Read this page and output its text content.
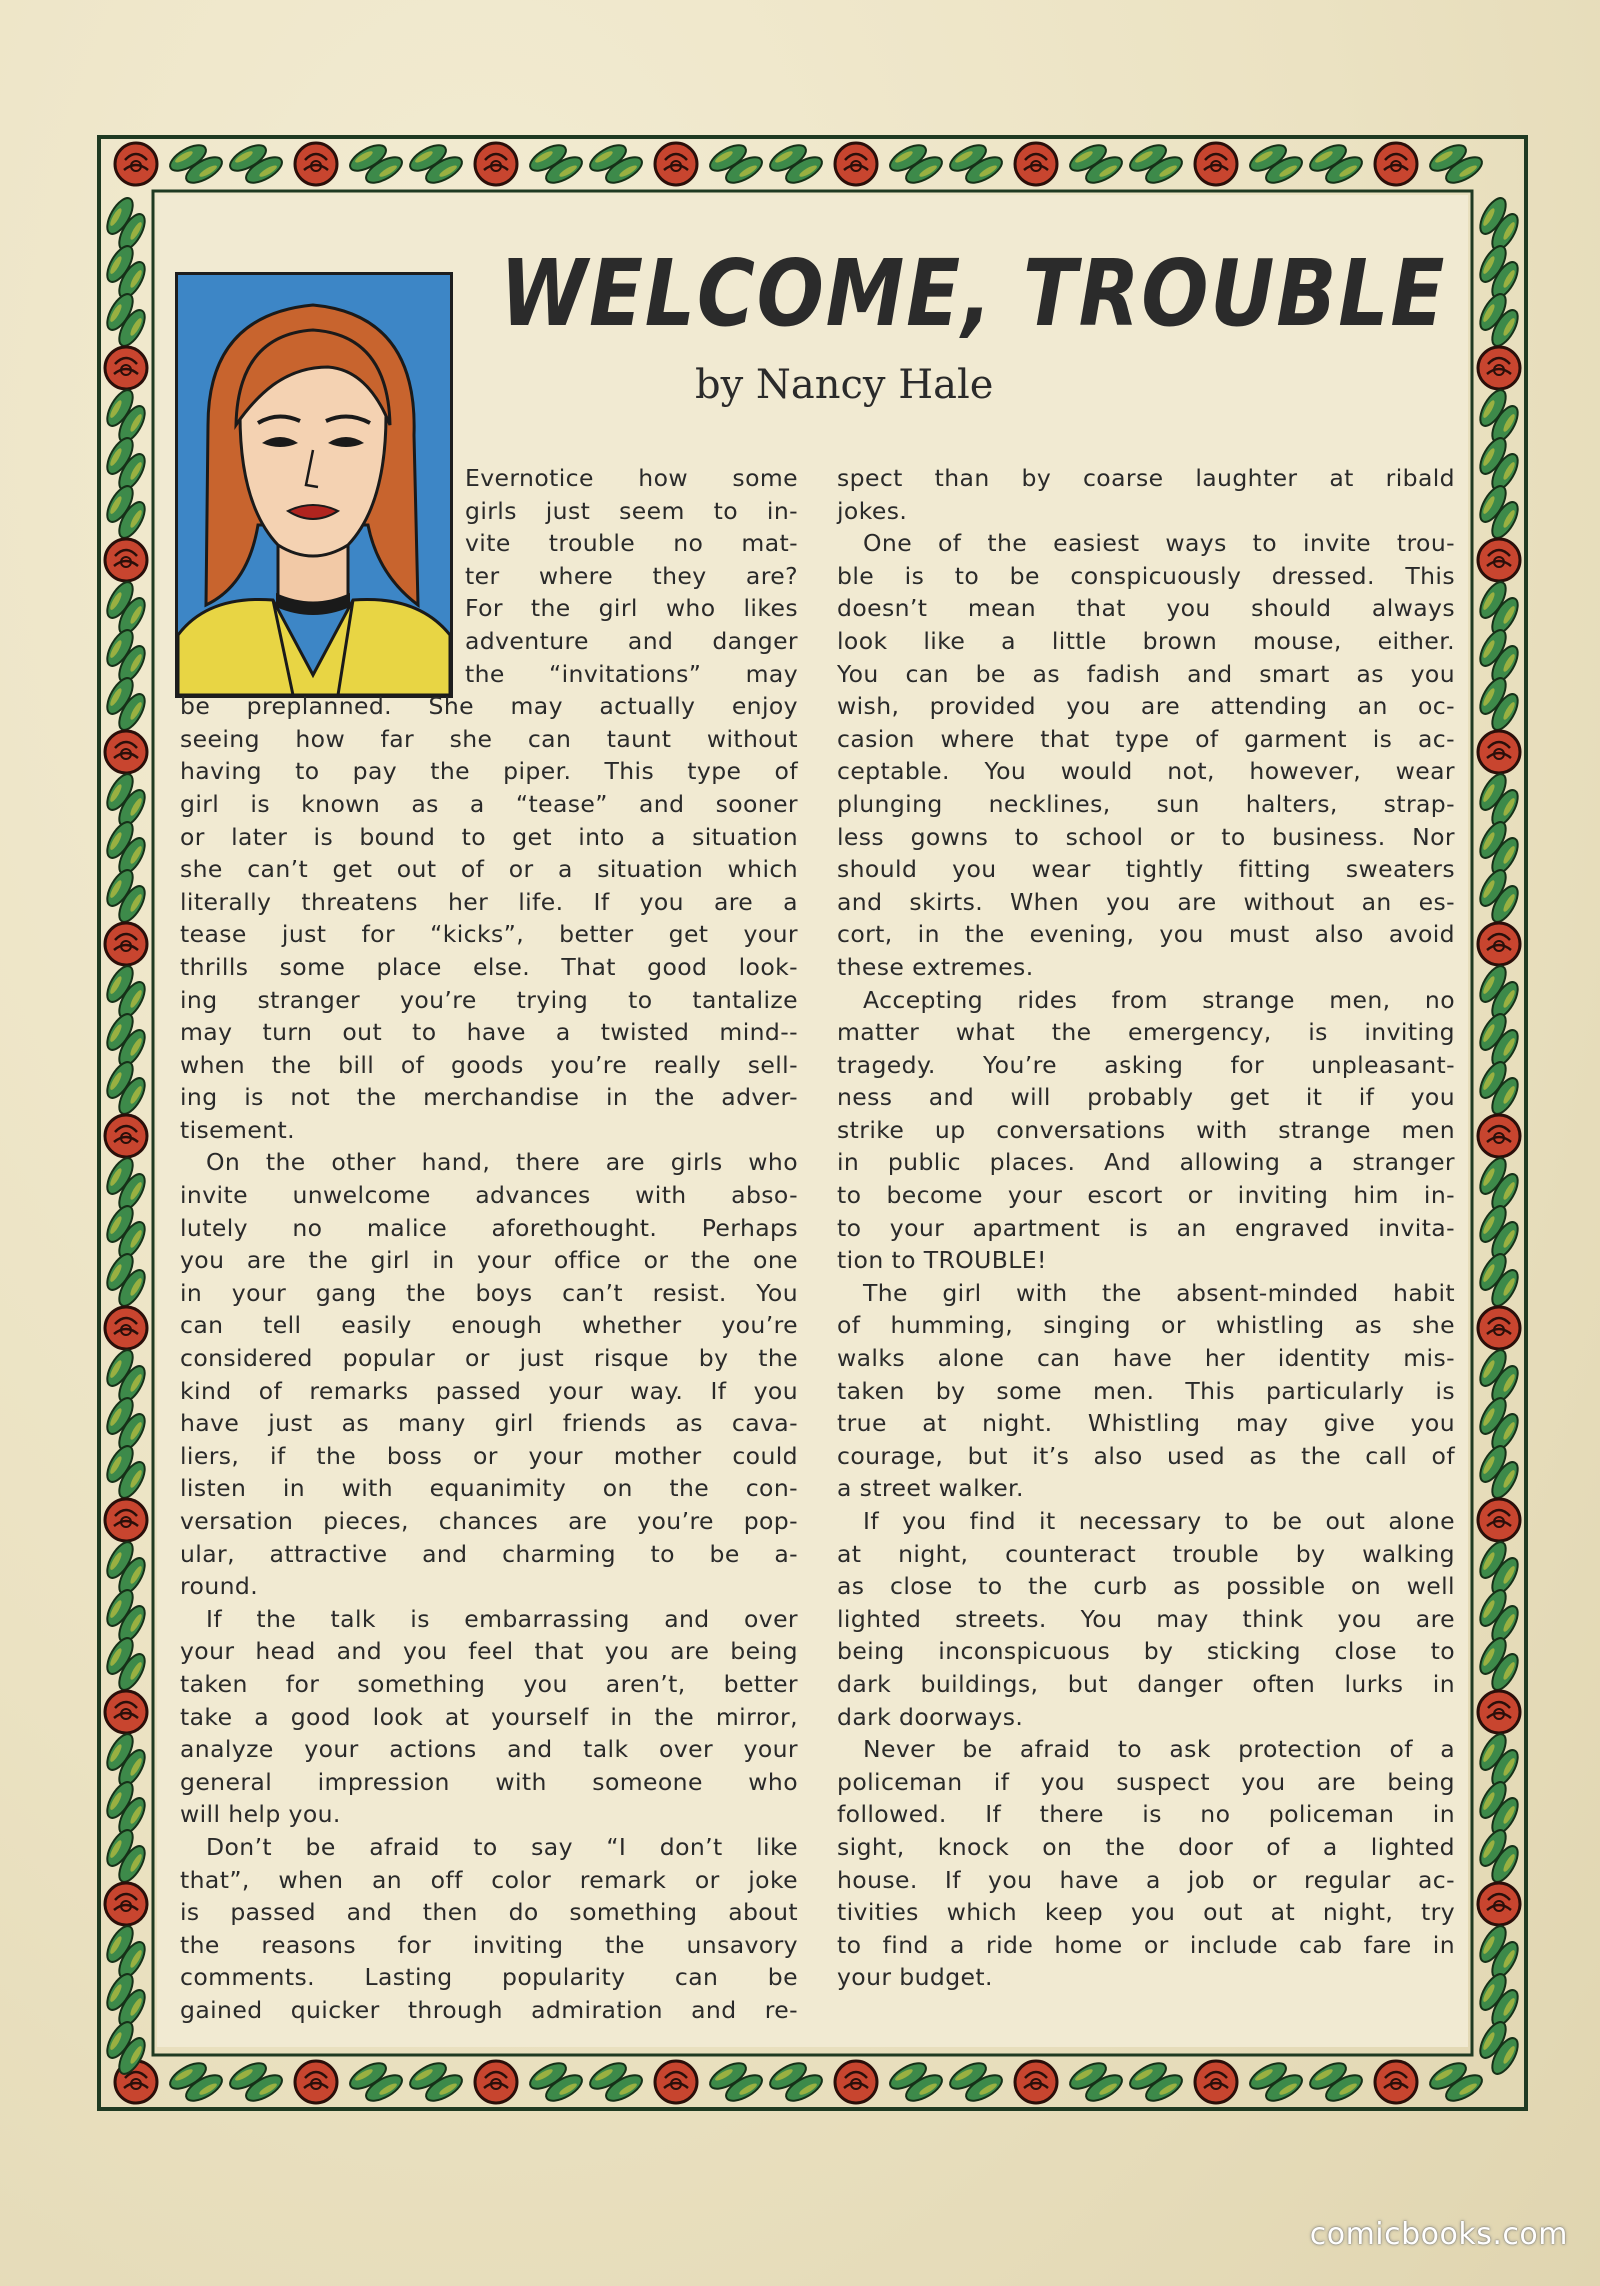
WELCOME, TROUBLE
by Nancy Hale
Evernotice how some
girls just seem to in-
vite trouble no mat-
ter where they are?
For the girl who likes
adventure and danger
the “invitations” may
be preplanned. She may actually enjoy
seeing how far she can taunt without
having to pay the piper. This type of
girl is known as a “tease” and sooner
or later is bound to get into a situation
she can’t get out of or a situation which
literally threatens her life. If you are a
tease just for “kicks”, better get your
thrills some place else. That good look-
ing stranger you’re trying to tantalize
may turn out to have a twisted mind--
when the bill of goods you’re really sell-
ing is not the merchandise in the adver-
tisement.
On the other hand, there are girls who
invite unwelcome advances with abso-
lutely no malice aforethought. Perhaps
you are the girl in your office or the one
in your gang the boys can’t resist. You
can tell easily enough whether you’re
considered popular or just risque by the
kind of remarks passed your way. If you
have just as many girl friends as cava-
liers, if the boss or your mother could
listen in with equanimity on the con-
versation pieces, chances are you’re pop-
ular, attractive and charming to be a-
round.
If the talk is embarrassing and over
your head and you feel that you are being
taken for something you aren’t, better
take a good look at yourself in the mirror,
analyze your actions and talk over your
general impression with someone who
will help you.
Don’t be afraid to say “I don’t like
that”, when an off color remark or joke
is passed and then do something about
the reasons for inviting the unsavory
comments. Lasting popularity can be
gained quicker through admiration and re-
spect than by coarse laughter at ribald
jokes.
One of the easiest ways to invite trou-
ble is to be conspicuously dressed. This
doesn’t mean that you should always
look like a little brown mouse, either.
You can be as fadish and smart as you
wish, provided you are attending an oc-
casion where that type of garment is ac-
ceptable. You would not, however, wear
plunging necklines, sun halters, strap-
less gowns to school or to business. Nor
should you wear tightly fitting sweaters
and skirts. When you are without an es-
cort, in the evening, you must also avoid
these extremes.
Accepting rides from strange men, no
matter what the emergency, is inviting
tragedy. You’re asking for unpleasant-
ness and will probably get it if you
strike up conversations with strange men
in public places. And allowing a stranger
to become your escort or inviting him in-
to your apartment is an engraved invita-
tion to TROUBLE!
The girl with the absent-minded habit
of humming, singing or whistling as she
walks alone can have her identity mis-
taken by some men. This particularly is
true at night. Whistling may give you
courage, but it’s also used as the call of
a street walker.
If you find it necessary to be out alone
at night, counteract trouble by walking
as close to the curb as possible on well
lighted streets. You may think you are
being inconspicuous by sticking close to
dark buildings, but danger often lurks in
dark doorways.
Never be afraid to ask protection of a
policeman if you suspect you are being
followed. If there is no policeman in
sight, knock on the door of a lighted
house. If you have a job or regular ac-
tivities which keep you out at night, try
to find a ride home or include cab fare in
your budget.
comicbooks.com
